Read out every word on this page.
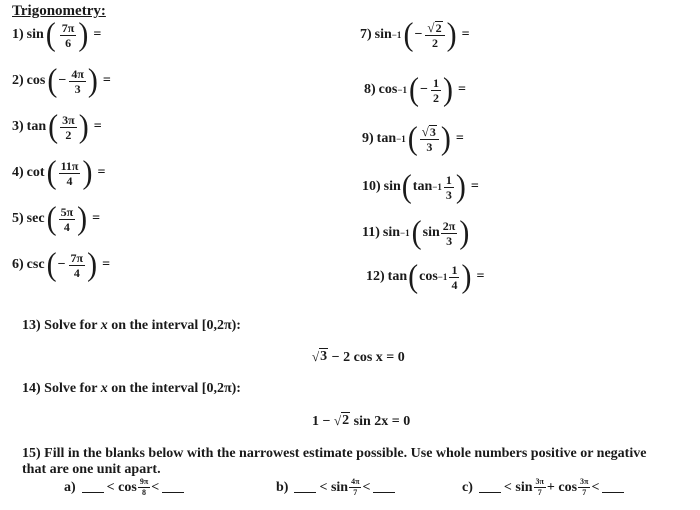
Trigonometry:
1) sin ( $\frac{7\pi}{6}$ ) =
2) cos ( − $\frac{4\pi}{3}$ ) =
3) tan ( $\frac{3\pi}{2}$ ) =
4) cot ( $\frac{11\pi}{4}$ ) =
5) sec ( $\frac{5\pi}{4}$ ) =
6) csc ( − $\frac{7\pi}{4}$ ) =
7) sin −1 ( − $\frac{√ 2}{2}$ ) =
8) cos −1 ( − $\frac{1}{2}$ ) =
9) tan −1 ( $\frac{√ 3}{3}$ ) =
10) sin ( $\tan -1 \frac{1}{3}$ ) =
11) sin −1 ( $\sin \frac{2\pi}{3}$ )
12) tan ( $\cos -1 \frac{1}{4}$ ) =
13) Solve for x on the interval [0,2π):
√ 3 − 2 cos x = 0
14) Solve for x on the interval [0,2π):
1 − √ 2 sin 2x = 0
15) Fill in the blanks below with the narrowest estimate possible. Use whole numbers positive or negative
that are one unit apart.
a) <
$\cos \frac{9\pi}{8}$ <	b) <
$\sin \frac{4\pi}{7}$ <	c) <
$\sin \frac{3\pi}{7}$ +
$\cos \frac{3\pi}{7}$ <
